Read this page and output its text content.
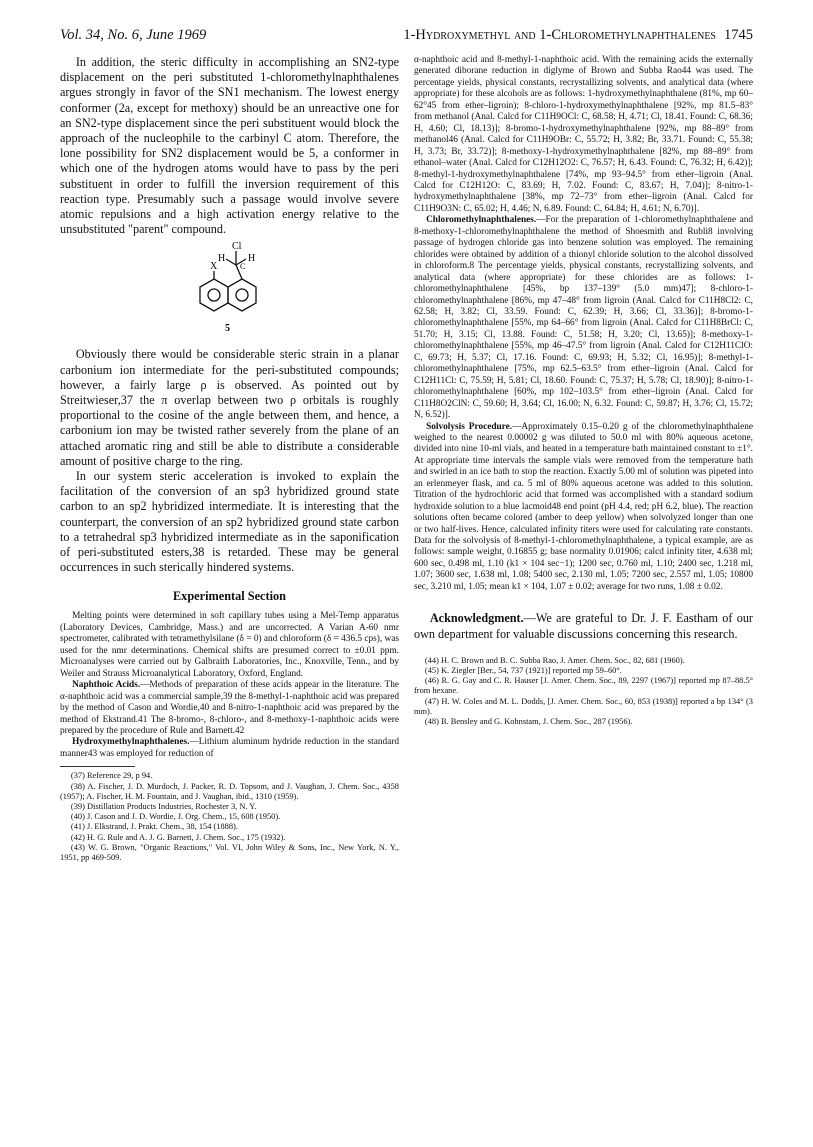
Vol. 34, No. 6, June 1969	1-Hydroxymethyl and 1-Chloromethylnaphthalenes 1745

In addition, the steric difficulty in accomplishing an SN2-type displacement on the peri substituted 1-chloromethylnaphthalenes argues strongly in favor of the SN1 mechanism. The lowest energy conformer (2a, except for methoxy) should be an unreactive one for an SN2-type displacement since the peri substituent would block the approach of the nucleophile to the carbinyl C atom. Therefore, the lone possibility for SN2 displacement would be 5, a conformer in which one of the hydrogen atoms would have to pass by the peri substituent in order to fulfill the inversion requirement of this reaction type. Presumably such a passage would involve severe atomic repulsions and a high activation energy relative to the unsubstituted "parent" compound.

Cl
H H
C
X
5

Obviously there would be considerable steric strain in a planar carbonium ion intermediate for the peri-substituted compounds; however, a fairly large ρ is observed. As pointed out by Streitwieser,37 the π overlap between two ρ orbitals is roughly proportional to the cosine of the angle between them, and hence, a carbonium ion may be twisted rather severely from the plane of an attached aromatic ring and still be able to distribute a considerable amount of positive charge to the ring.

In our system steric acceleration is invoked to explain the facilitation of the conversion of an sp3 hybridized ground state carbon to an sp2 hybridized intermediate. It is interesting that the counterpart, the conversion of an sp2 hybridized ground state carbon to a tetrahedral sp3 hybridized intermediate as in the saponification of peri-substituted esters,38 is retarded. These may be general occurrences in such sterically hindered systems.

Experimental Section

Melting points were determined in soft capillary tubes using a Mel-Temp apparatus (Laboratory Devices, Cambridge, Mass.) and are uncorrected. A Varian A-60 nmr spectrometer, calibrated with tetramethylsilane (δ = 0) and chloroform (δ = 436.5 cps), was used for the nmr determinations. Chemical shifts are presumed correct to ±0.01 ppm. Microanalyses were carried out by Galbraith Laboratories, Inc., Knoxville, Tenn., and by Weiler and Strauss Microanalytical Laboratory, Oxford, England.

Naphthoic Acids.—Methods of preparation of these acids appear in the literature. The α-naphthoic acid was a commercial sample,39 the 8-methyl-1-naphthoic acid was prepared by the method of Cason and Wordie,40 and 8-nitro-1-naphthoic acid was prepared by the method of Ekstrand.41 The 8-bromo-, 8-chloro-, and 8-methoxy-1-naphthoic acids were prepared by the procedure of Rule and Barnett.42

Hydroxymethylnaphthalenes.—Lithium aluminum hydride reduction in the standard manner43 was employed for reduction of

(37) Reference 29, p 94.

(38) A. Fischer, J. D. Murdoch, J. Packer, R. D. Topsom, and J. Vaughan, J. Chem. Soc., 4358 (1957); A. Fischer, H. M. Fountain, and J. Vaughan, ibid., 1310 (1959).

(39) Distillation Products Industries, Rochester 3, N. Y.

(40) J. Cason and J. D. Wordie, J. Org. Chem., 15, 608 (1950).

(41) J. Elkstrand, J. Prakt. Chem., 38, 154 (1888).

(42) H. G. Rule and A. J. G. Barnett, J. Chem. Soc., 175 (1932).

(43) W. G. Brown, "Organic Reactions," Vol. VI, John Wiley & Sons, Inc., New York, N. Y., 1951, pp 469-509.

α-naphthoic acid and 8-methyl-1-naphthoic acid. With the remaining acids the externally generated diborane reduction in diglyme of Brown and Subba Rao44 was used. The percentage yields, physical constants, recrystallizing solvents, and analytical data (where appropriate) for these alcohols are as follows: 1-hydroxymethylnaphthalene (81%, mp 60–62°45 from ether–ligroin); 8-chloro-1-hydroxymethylnaphthalene [92%, mp 81.5–83° from methanol (Anal. Calcd for C11H9OCl: C, 68.58; H, 4.71; Cl, 18.41. Found: C, 68.36; H, 4.60; Cl, 18.13)]; 8-bromo-1-hydroxymethylnaphthalene [92%, mp 88–89° from methanol46 (Anal. Calcd for C11H9OBr: C, 55.72; H, 3.82; Br, 33.71. Found: C, 55.38; H, 3.73; Br, 33.72)]; 8-methoxy-1-hydroxymethylnaphthalene [82%, mp 88–89° from ethanol–water (Anal. Calcd for C12H12O2: C, 76.57; H, 6.43. Found: C, 76.32; H, 6.42)]; 8-methyl-1-hydroxymethylnaphthalene [74%, mp 93–94.5° from ether–ligroin (Anal. Calcd for C12H12O: C, 83.69; H, 7.02. Found: C, 83.67; H, 7.04)]; 8-nitro-1-hydroxymethylnaphthalene [38%, mp 72–73° from ether–ligroin (Anal. Calcd for C11H9O3N: C, 65.02; H, 4.46; N, 6.89. Found: C, 64.84; H, 4.61; N, 6.70)].

Chloromethylnaphthalenes.—For the preparation of 1-chloromethylnaphthalene and 8-methoxy-1-chloromethylnaphthalene the method of Shoesmith and Rubli8 involving passage of hydrogen chloride gas into benzene solution was employed. The remaining chlorides were obtained by addition of a thionyl chloride solution to the alcohol dissolved in chloroform.8 The percentage yields, physical constants, recrystallizing solvents, and analytical data (where appropriate) for these chlorides are as follows: 1-chloromethylnaphthalene [45%, bp 137–139° (5.0 mm)47]; 8-chloro-1-chloromethylnaphthalene [86%, mp 47–48° from ligroin (Anal. Calcd for C11H8Cl2: C, 62.58; H, 3.82; Cl, 33.59. Found: C, 62.39; H, 3.66; Cl, 33.36)]; 8-bromo-1-chloromethylnaphthalene [55%, mp 64–66° from ligroin (Anal. Calcd for C11H8BrCl: C, 51.70; H, 3.15; Cl, 13.88. Found: C, 51.58; H, 3.20; Cl, 13.65)]; 8-methoxy-1-chloromethylnaphthalene [55%, mp 46–47.5° from ligroin (Anal. Calcd for C12H11ClO: C, 69.73; H, 5.37; Cl, 17.16. Found: C, 69.93; H, 5.32; Cl, 16.95)]; 8-methyl-1-chloromethylnaphthalene [75%, mp 62.5–63.5° from ether–ligroin (Anal. Calcd for C12H11Cl: C, 75.59; H, 5.81; Cl, 18.60. Found: C, 75.37; H, 5.78; Cl, 18.90)]; 8-nitro-1-chloromethylnaphthalene [60%, mp 102–103.5° from ether–ligroin (Anal. Calcd for C11H8O2ClN: C, 59.60; H, 3.64; Cl, 16.00; N, 6.32. Found: C, 59.87; H, 3.76; Cl, 15.72; N, 6.52)].

Solvolysis Procedure.—Approximately 0.15–0.20 g of the chloromethylnaphthalene weighed to the nearest 0.00002 g was diluted to 50.0 ml with 80% aqueous acetone, divided into nine 10-ml vials, and heated in a temperature bath maintained constant to ±1°. At appropriate time intervals the sample vials were removed from the temperature bath and swirled in an ice bath to stop the reaction. Exactly 5.00 ml of solution was pipeted into an erlenmeyer flask, and ca. 5 ml of 80% aqueous acetone was added to this solution. Titration of the hydrochloric acid that formed was accomplished with a standard sodium hydroxide solution to a blue lacmoid48 end point (pH 4.4, red; pH 6.2, blue). The reaction solutions often became colored (amber to deep yellow) when solvolyzed longer than one or two half-lives. Hence, calculated infinity titers were used for calculating rate constants. Data for the solvolysis of 8-methyl-1-chloromethylnaphthalene, a typical example, are as follows: sample weight, 0.16855 g; base normality 0.01906; calcd infinity titer, 4.638 ml; 600 sec, 0.498 ml, 1.10 (k1 × 104 sec−1); 1200 sec, 0.760 ml, 1.10; 2400 sec, 1.218 ml, 1.07; 3600 sec, 1.638 ml, 1.08; 5400 sec, 2.130 ml, 1.05; 7200 sec, 2.557 ml, 1.05; 10800 sec, 3.210 ml, 1.05; mean k1 × 104, 1.07 ± 0.02; average for two runs, 1.08 ± 0.02.

Acknowledgment.—We are grateful to Dr. J. F. Eastham of our own department for valuable discussions concerning this research.

(44) H. C. Brown and B. C. Subba Rao, J. Amer. Chem. Soc., 82, 681 (1960).

(45) K. Ziegler [Ber., 54, 737 (1921)] reported mp 59–60°.

(46) R. G. Gay and C. R. Hauser [J. Amer. Chem. Soc., 89, 2297 (1967)] reported mp 87–88.5° from hexane.

(47) H. W. Coles and M. L. Dodds, [J. Amer. Chem. Soc., 60, 853 (1938)] reported a bp 134° (3 mm).

(48) B. Bensley and G. Kohnstam, J. Chem. Soc., 287 (1956).
